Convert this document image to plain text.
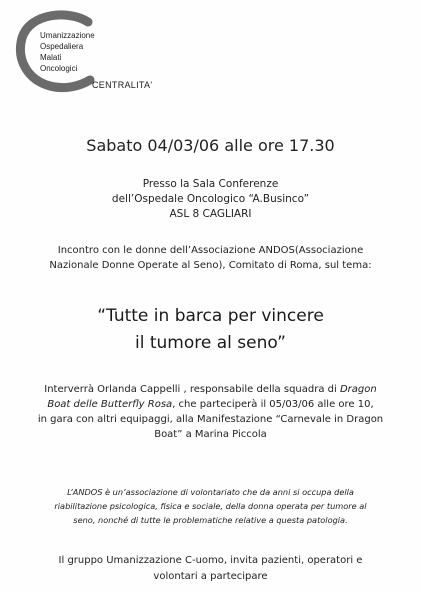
Umanizzazione
Ospedaliera
Malati
Oncologici
CENTRALITA'
Sabato 04/03/06 alle ore 17.30
Presso la Sala Conferenze
dell’Ospedale Oncologico “A.Businco”
ASL 8 CAGLIARI
Incontro con le donne dell’Associazione ANDOS(Associazione
Nazionale Donne Operate al Seno), Comitato di Roma, sul tema:
“Tutte in barca per vincere
il tumore al seno”
Interverrà Orlanda Cappelli , responsabile della squadra di Dragon
Boat delle Butterfly Rosa, che parteciperà il 05/03/06 alle ore 10,
in gara con altri equipaggi, alla Manifestazione “Carnevale in Dragon
Boat” a Marina Piccola
L’ANDOS è un’associazione di volontariato che da anni si occupa della
riabilitazione psicologica, fisica e sociale, della donna operata per tumore al
seno, nonché di tutte le problematiche relative a questa patologia.
Il gruppo Umanizzazione C-uomo, invita pazienti, operatori e
volontari a partecipare
